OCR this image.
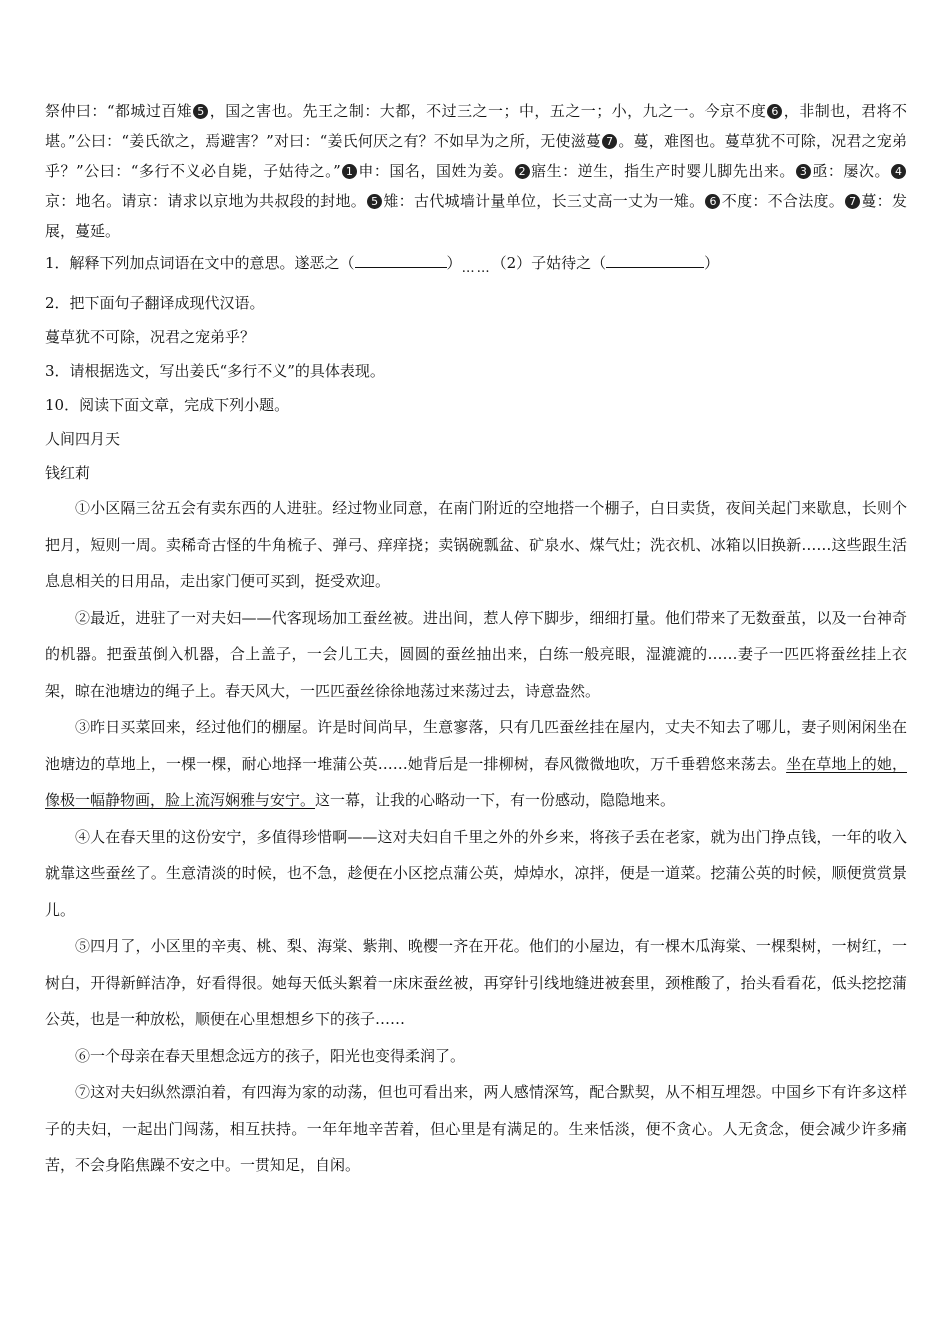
祭仲曰：“都城过百雉 5 ，国之害也。先王之制：大都，不过三之一；中，五之一；小，九之一。今京不度 6 ，非制也，君将不堪。”公曰：“姜氏欲之，焉避害？”对曰：“姜氏何厌之有？不如早为之所，无使滋蔓 7 。蔓，难图也。蔓草犹不可除，况君之宠弟乎？”公曰：“多行不义必自毙，子姑待之。” 1 申：国名，国姓为姜。 2 寤生：逆生，指生产时婴儿脚先出来。 3 亟：屡次。 4京：地名。请京：请求以京地为共叔段的封地。 5 雉：古代城墙计量单位，长三丈高一丈为一雉。 6 不度：不合法度。 7 蔓：发展，蔓延。

1．解释下列加点词语在文中的意思。遂恶之（	）……（2）子姑待之（	）

2．把下面句子翻译成现代汉语。

蔓草犹不可除，况君之宠弟乎？

3．请根据选文，写出姜氏“多行不义”的具体表现。

10．阅读下面文章，完成下列小题。

人间四月天

钱红莉

①小区隔三岔五会有卖东西的人进驻。经过物业同意，在南门附近的空地搭一个棚子，白日卖货，夜间关起门来歇息，长则个把月，短则一周。卖稀奇古怪的牛角梳子、弹弓、痒痒挠；卖锅碗瓢盆、矿泉水、煤气灶；洗衣机、冰箱以旧换新……这些跟生活息息相关的日用品，走出家门便可买到，挺受欢迎。

②最近，进驻了一对夫妇——代客现场加工蚕丝被。进出间，惹人停下脚步，细细打量。他们带来了无数蚕茧，以及一台神奇的机器。把蚕茧倒入机器，合上盖子，一会儿工夫，圆圆的蚕丝抽出来，白练一般亮眼，湿漉漉的……妻子一匹匹将蚕丝挂上衣架，晾在池塘边的绳子上。春天风大，一匹匹蚕丝徐徐地荡过来荡过去，诗意盎然。

③昨日买菜回来，经过他们的棚屋。许是时间尚早，生意寥落，只有几匹蚕丝挂在屋内，丈夫不知去了哪儿，妻子则闲闲坐在池塘边的草地上，一棵一棵，耐心地择一堆蒲公英……她背后是一排柳树，春风微微地吹，万千垂碧悠来荡去。坐在草地上的她，像极一幅静物画，脸上流泻娴雅与安宁。这一幕，让我的心略动一下，有一份感动，隐隐地来。

④人在春天里的这份安宁，多值得珍惜啊——这对夫妇自千里之外的外乡来，将孩子丢在老家，就为出门挣点钱，一年的收入就靠这些蚕丝了。生意清淡的时候，也不急，趁便在小区挖点蒲公英，焯焯水，凉拌，便是一道菜。挖蒲公英的时候，顺便赏赏景儿。

⑤四月了，小区里的辛夷、桃、梨、海棠、紫荆、晚樱一齐在开花。他们的小屋边，有一棵木瓜海棠、一棵梨树，一树红，一树白，开得新鲜洁净，好看得很。她每天低头絮着一床床蚕丝被，再穿针引线地缝进被套里，颈椎酸了，抬头看看花，低头挖挖蒲公英，也是一种放松，顺便在心里想想乡下的孩子……

⑥一个母亲在春天里想念远方的孩子，阳光也变得柔润了。

⑦这对夫妇纵然漂泊着，有四海为家的动荡，但也可看出来，两人感情深笃，配合默契，从不相互埋怨。中国乡下有许多这样子的夫妇，一起出门闯荡，相互扶持。一年年地辛苦着，但心里是有满足的。生来恬淡，便不贪心。人无贪念，便会减少许多痛苦，不会身陷焦躁不安之中。一贯知足，自闲。
